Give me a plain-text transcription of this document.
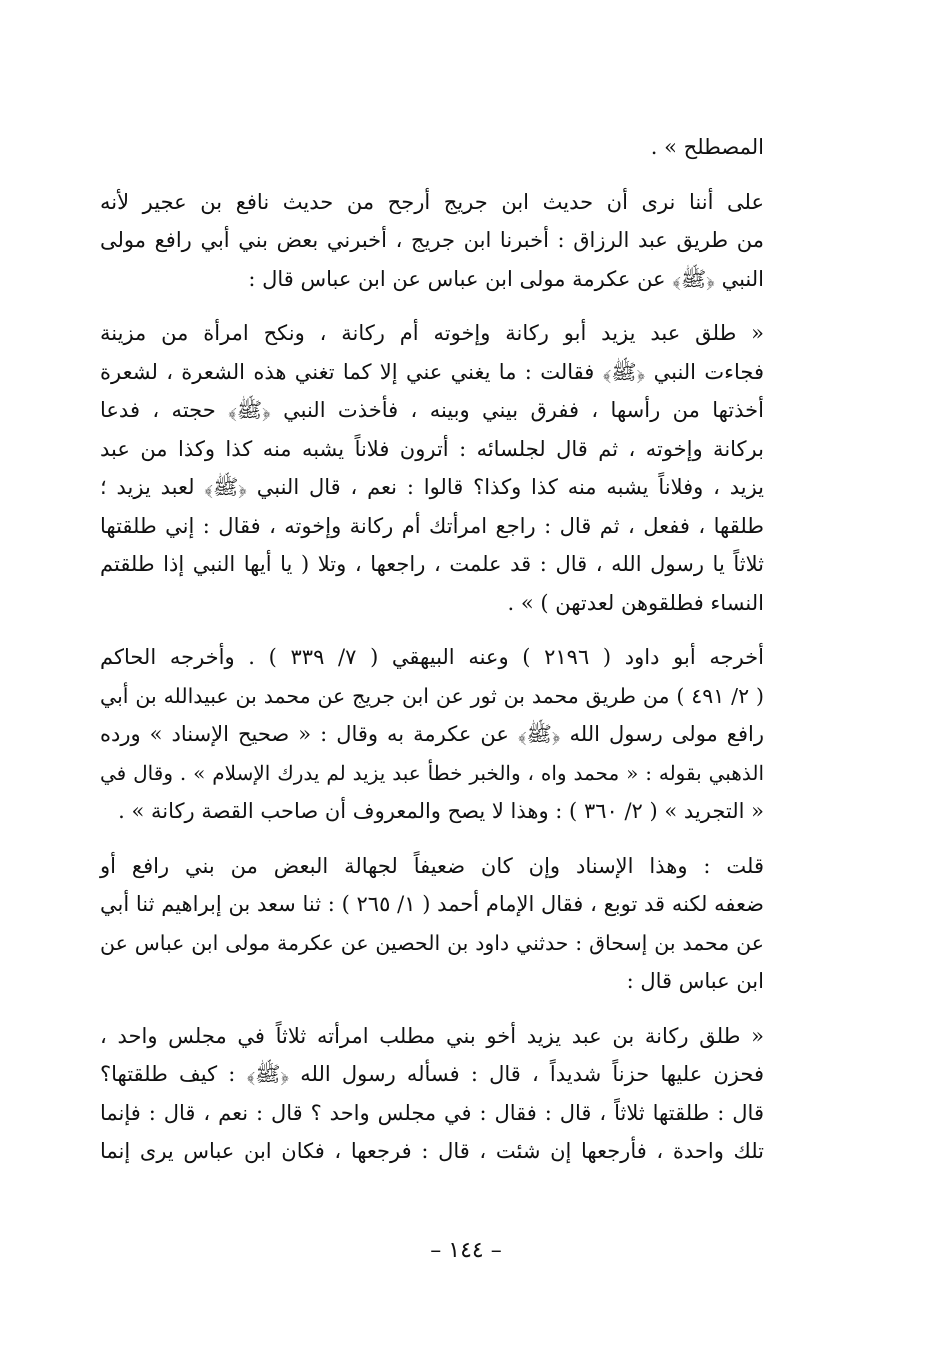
المصطلح » .
على أننا نرى أن حديث ابن جريج أرجح من حديث نافع بن عجير لأنه
من طريق عبد الرزاق : أخبرنا ابن جريج ، أخبرني بعض بني أبي رافع مولى
النبي ﴿ﷺ﴾ عن عكرمة مولى ابن عباس عن ابن عباس قال :
« طلق عبد يزيد أبو ركانة وإخوته أم ركانة ، ونكح امرأة من مزينة
فجاءت النبي ﴿ﷺ﴾ فقالت : ما يغني عني إلا كما تغني هذه الشعرة ، لشعرة
أخذتها من رأسها ، ففرق بيني وبينه ، فأخذت النبي ﴿ﷺ﴾ حجته ، فدعا
بركانة وإخوته ، ثم قال لجلسائه : أترون فلاناً يشبه منه كذا وكذا من عبد
يزيد ، وفلاناً يشبه منه كذا وكذا؟ قالوا : نعم ، قال النبي ﴿ﷺ﴾ لعبد يزيد ؛
طلقها ، ففعل ، ثم قال : راجع امرأتك أم ركانة وإخوته ، فقال : إني طلقتها
ثلاثاً يا رسول الله ، قال : قد علمت ، راجعها ، وتلا ( يا أيها النبي إذا طلقتم
النساء فطلقوهن لعدتهن ) » .
أخرجه أبو داود ( ٢١٩٦ ) وعنه البيهقي ( ٧/ ٣٣٩ ) . وأخرجه الحاكم
( ٢/ ٤٩١ ) من طريق محمد بن ثور عن ابن جريج عن محمد بن عبيدالله بن أبي
رافع مولى رسول الله ﴿ﷺ﴾ عن عكرمة به وقال : « صحيح الإسناد » ورده
الذهبي بقوله : « محمد واه ، والخبر خطأ عبد يزيد لم يدرك الإسلام » . وقال في
« التجريد » ( ٢/ ٣٦٠ ) : وهذا لا يصح والمعروف أن صاحب القصة ركانة » .
قلت : وهذا الإسناد وإن كان ضعيفاً لجهالة البعض من بني رافع أو
ضعفه لكنه قد توبع ، فقال الإمام أحمد ( ١/ ٢٦٥ ) : ثنا سعد بن إبراهيم ثنا أبي
عن محمد بن إسحاق : حدثني داود بن الحصين عن عكرمة مولى ابن عباس عن
ابن عباس قال :
« طلق ركانة بن عبد يزيد أخو بني مطلب امرأته ثلاثاً في مجلس واحد ،
فحزن عليها حزناً شديداً ، قال : فسأله رسول الله ﴿ﷺ﴾ : كيف طلقتها؟
قال : طلقتها ثلاثاً ، قال : فقال : في مجلس واحد ؟ قال : نعم ، قال : فإنما
تلك واحدة ، فأرجعها إن شئت ، قال : فرجعها ، فكان ابن عباس يرى إنما
– ١٤٤ –
